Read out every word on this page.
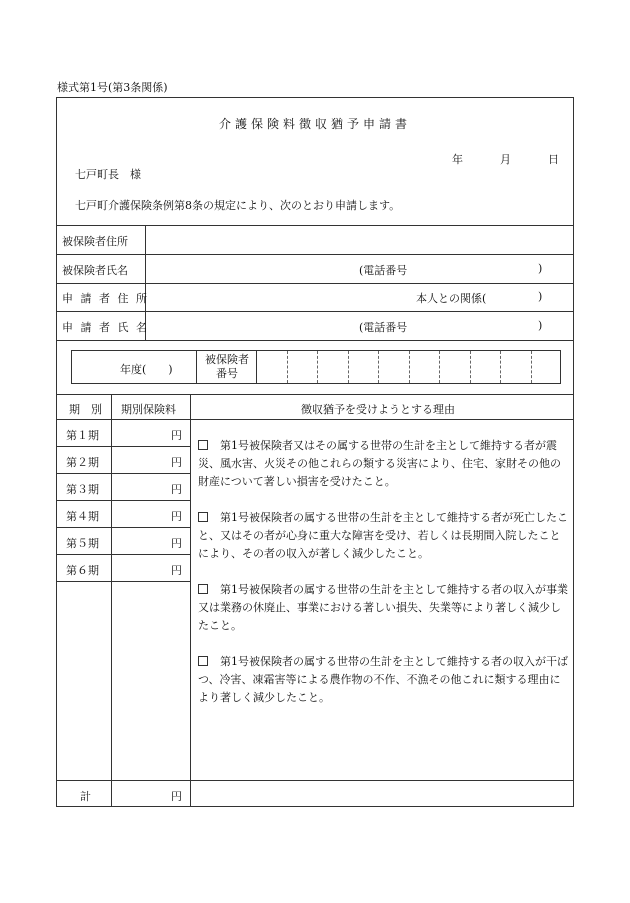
様式第1号(第3条関係)
介護保険料徴収猶予申請書
年	月	日
七戸町長　様
七戸町介護保険条例第8条の規定により、次のとおり申請します。
被保険者住所
被保険者氏名	(電話番号	)
申 請 者 住 所	本人との関係(	)
申 請 者 氏 名	(電話番号	)
年度(　　)
被保険者
番号
期　別 期別保険料	徴収猶予を受けようとする理由
第１期	円
第２期	円
第３期	円
第４期	円
第５期	円
第６期	円
計	円
第1号被保険者又はその属する世帯の生計を主として維持する者が震災、風水害、火災その他これらの類する災害により、住宅、家財その他の財産について著しい損害を受けたこと。
第1号被保険者の属する世帯の生計を主として維持する者が死亡したこと、又はその者が心身に重大な障害を受け、若しくは長期間入院したことにより、その者の収入が著しく減少したこと。
第1号被保険者の属する世帯の生計を主として維持する者の収入が事業又は業務の休廃止、事業における著しい損失、失業等により著しく減少したこと。
第1号被保険者の属する世帯の生計を主として維持する者の収入が干ばつ、冷害、凍霜害等による農作物の不作、不漁その他これに類する理由により著しく減少したこと。
